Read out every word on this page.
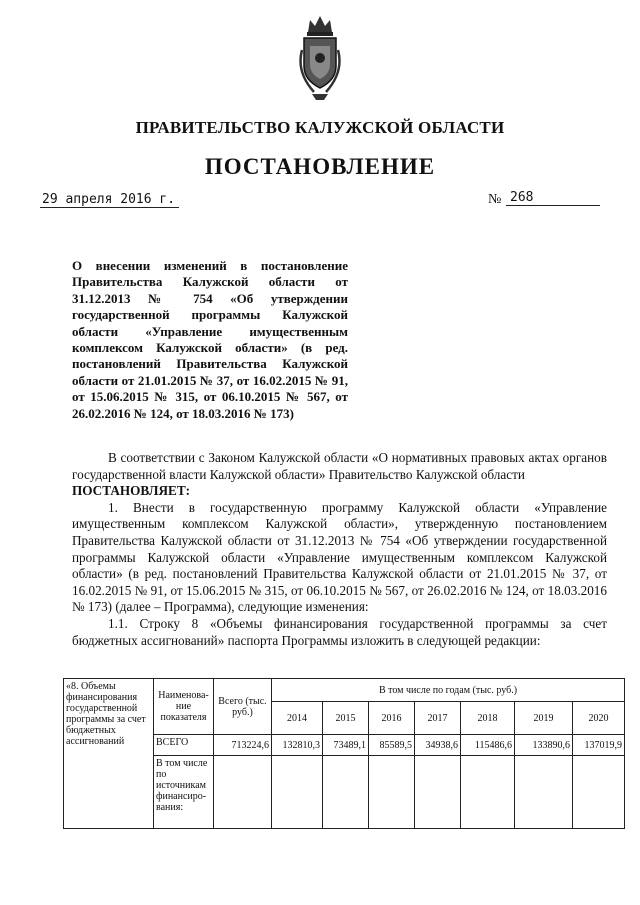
ПРАВИТЕЛЬСТВО КАЛУЖСКОЙ ОБЛАСТИ
ПОСТАНОВЛЕНИЕ
29 апреля 2016 г.	№ 268
О внесении изменений в постановление Правительства Калужской области от 31.12.2013 № 754 «Об утверждении государственной программы Калужской области «Управление имущественным комплексом Калужской области» (в ред. постановлений Правительства Калужской области от 21.01.2015 № 37, от 16.02.2015 № 91, от 15.06.2015 № 315, от 06.10.2015 № 567, от 26.02.2016 № 124, от 18.03.2016 № 173)

В соответствии с Законом Калужской области «О нормативных правовых актах органов государственной власти Калужской области» Правительство Калужской области

ПОСТАНОВЛЯЕТ:

1. Внести в государственную программу Калужской области «Управление имущественным комплексом Калужской области», утвержденную постановлением Правительства Калужской области от 31.12.2013 № 754 «Об утверждении государственной программы Калужской области «Управление имущественным комплексом Калужской области» (в ред. постановлений Правительства Калужской области от 21.01.2015 № 37, от 16.02.2015 № 91, от 15.06.2015 № 315, от 06.10.2015 № 567, от 26.02.2016 № 124, от 18.03.2016 № 173) (далее – Программа), следующие изменения:

1.1. Строку 8 «Объемы финансирования государственной программы за счет бюджетных ассигнований» паспорта Программы изложить в следующей редакции:

«8. Объемы финансирования государственной программы за счет бюджетных ассигнований	Наименова-ние показателя	Всего (тыс. руб.)	В том числе по годам (тыс. руб.)						
			2014	2015	2016	2017	2018	2019	2020
	ВСЕГО	713224,6	132810,3	73489,1	85589,5	34938,6	115486,6	133890,6	137019,9
	В том числе по источникам финансиро-вания:								
